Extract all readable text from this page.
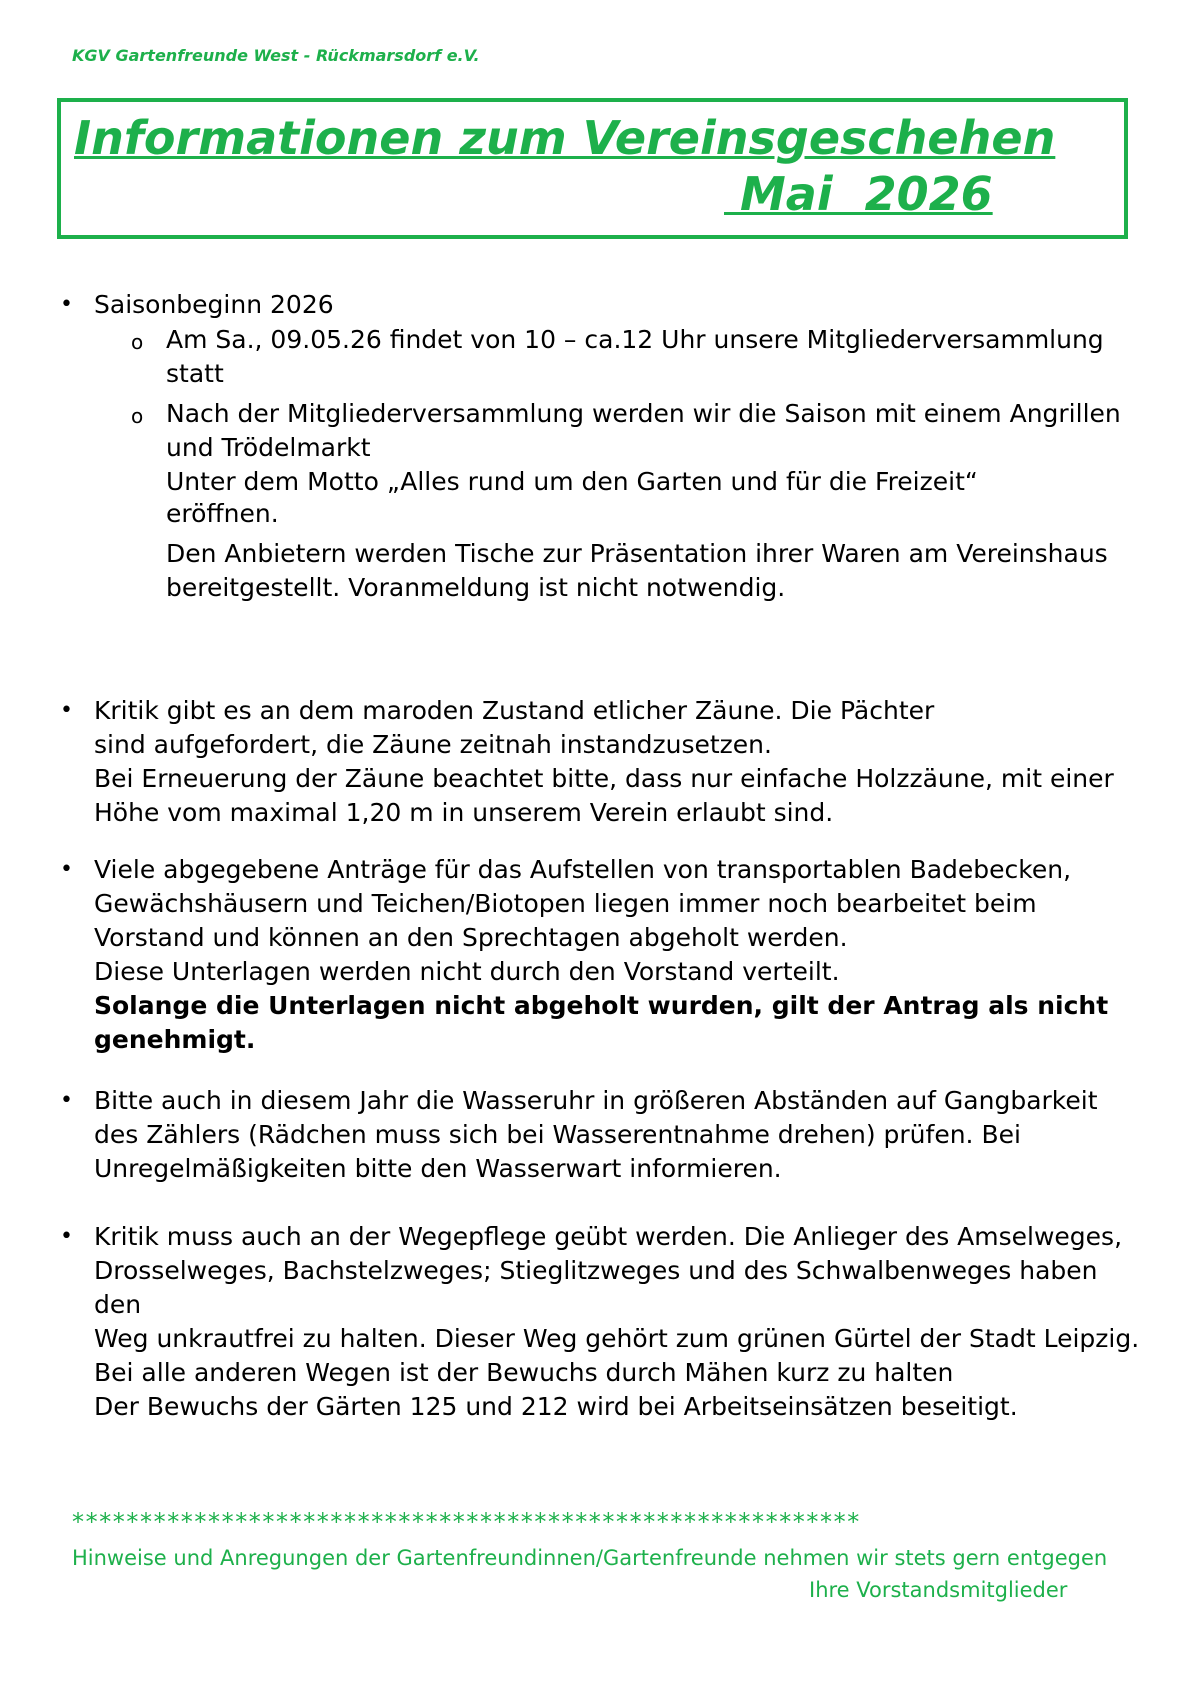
KGV Gartenfreunde West - Rückmarsdorf e.V.
Informationen zum Vereinsgeschehen
Mai  2026
• Saisonbeginn 2026

o Am Sa., 09.05.26 findet von 10 – ca.12 Uhr unsere Mitgliederversammlung

statt

o Nach der Mitgliederversammlung werden wir die Saison mit einem Angrillen

und Trödelmarkt

Unter dem Motto „Alles rund um den Garten und für die Freizeit“

eröffnen.

Den Anbietern werden Tische zur Präsentation ihrer Waren am Vereinshaus

bereitgestellt. Voranmeldung ist nicht notwendig.

• Kritik gibt es an dem maroden Zustand etlicher Zäune. Die Pächter

sind aufgefordert, die Zäune zeitnah instandzusetzen.

Bei Erneuerung der Zäune beachtet bitte, dass nur einfache Holzzäune, mit einer

Höhe vom maximal 1,20 m in unserem Verein erlaubt sind.

• Viele abgegebene Anträge für das Aufstellen von transportablen Badebecken,

Gewächshäusern und Teichen/Biotopen liegen immer noch bearbeitet beim

Vorstand und können an den Sprechtagen abgeholt werden.

Diese Unterlagen werden nicht durch den Vorstand verteilt.

Solange die Unterlagen nicht abgeholt wurden, gilt der Antrag als nicht

genehmigt.

• Bitte auch in diesem Jahr die Wasseruhr in größeren Abständen auf Gangbarkeit

des Zählers (Rädchen muss sich bei Wasserentnahme drehen) prüfen. Bei

Unregelmäßigkeiten bitte den Wasserwart informieren.

• Kritik muss auch an der Wegepflege geübt werden. Die Anlieger des Amselweges,

Drosselweges, Bachstelzweges; Stieglitzweges und des Schwalbenweges haben den

Weg unkrautfrei zu halten. Dieser Weg gehört zum grünen Gürtel der Stadt Leipzig.

Bei alle anderen Wegen ist der Bewuchs durch Mähen kurz zu halten

Der Bewuchs der Gärten 125 und 212 wird bei Arbeitseinsätzen beseitigt.

**********************************************************
Hinweise und Anregungen der Gartenfreundinnen/Gartenfreunde nehmen wir stets gern entgegen
Ihre Vorstandsmitglieder
